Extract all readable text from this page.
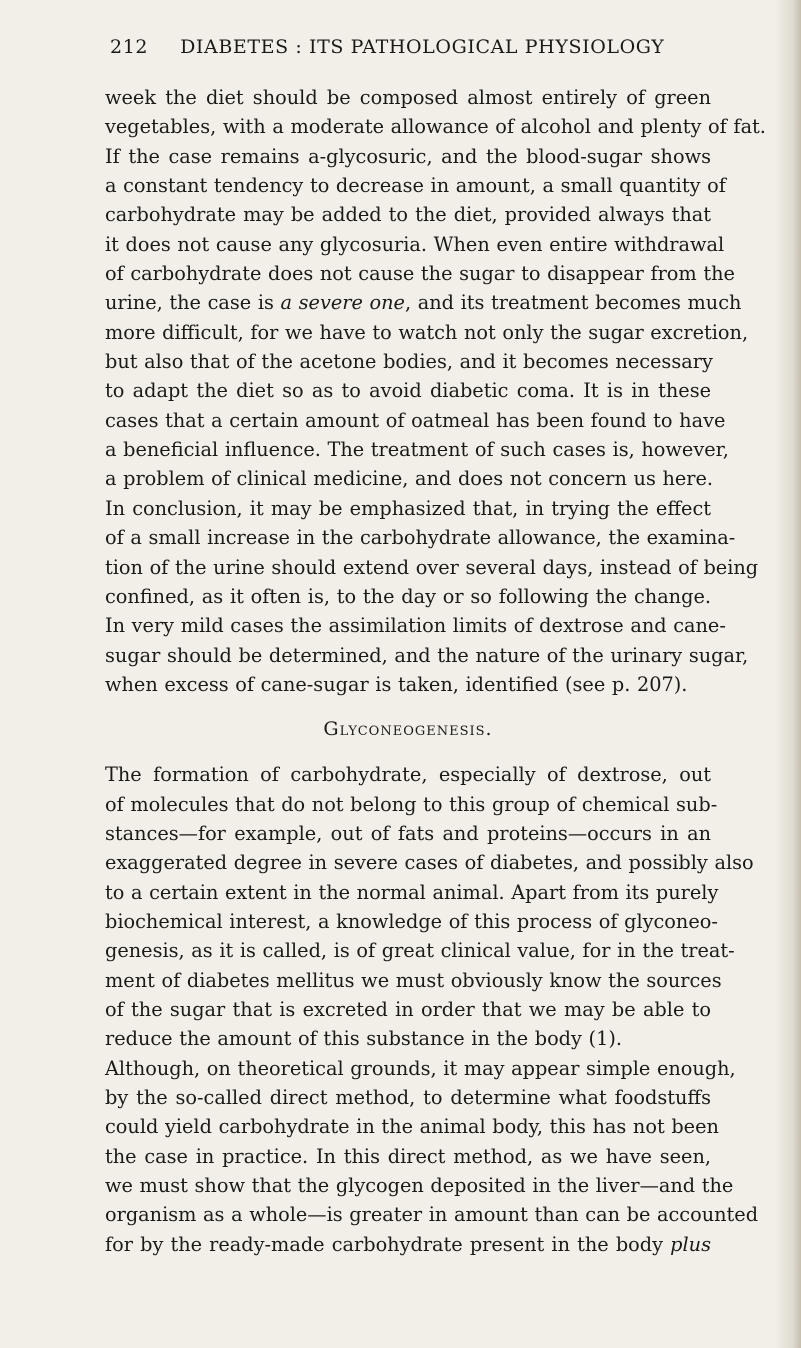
212 DIABETES : ITS PATHOLOGICAL PHYSIOLOGY
week the diet should be composed almost entirely of green
vegetables, with a moderate allowance of alcohol and plenty of fat.
If the case remains a-glycosuric, and the blood-sugar shows
a constant tendency to decrease in amount, a small quantity of
carbohydrate may be added to the diet, provided always that
it does not cause any glycosuria. When even entire withdrawal
of carbohydrate does not cause the sugar to disappear from the
urine, the case is a severe one, and its treatment becomes much
more difficult, for we have to watch not only the sugar excretion,
but also that of the acetone bodies, and it becomes necessary
to adapt the diet so as to avoid diabetic coma. It is in these
cases that a certain amount of oatmeal has been found to have
a beneficial influence. The treatment of such cases is, however,
a problem of clinical medicine, and does not concern us here.
In conclusion, it may be emphasized that, in trying the effect
of a small increase in the carbohydrate allowance, the examina-
tion of the urine should extend over several days, instead of being
confined, as it often is, to the day or so following the change.
In very mild cases the assimilation limits of dextrose and cane-
sugar should be determined, and the nature of the urinary sugar,
when excess of cane-sugar is taken, identified (see p. 207).
Glyconeogenesis.
The formation of carbohydrate, especially of dextrose, out
of molecules that do not belong to this group of chemical sub-
stances—for example, out of fats and proteins—occurs in an
exaggerated degree in severe cases of diabetes, and possibly also
to a certain extent in the normal animal. Apart from its purely
biochemical interest, a knowledge of this process of glyconeo-
genesis, as it is called, is of great clinical value, for in the treat-
ment of diabetes mellitus we must obviously know the sources
of the sugar that is excreted in order that we may be able to
reduce the amount of this substance in the body (1).
Although, on theoretical grounds, it may appear simple enough,
by the so-called direct method, to determine what foodstuffs
could yield carbohydrate in the animal body, this has not been
the case in practice. In this direct method, as we have seen,
we must show that the glycogen deposited in the liver—and the
organism as a whole—is greater in amount than can be accounted
for by the ready-made carbohydrate present in the body plus
